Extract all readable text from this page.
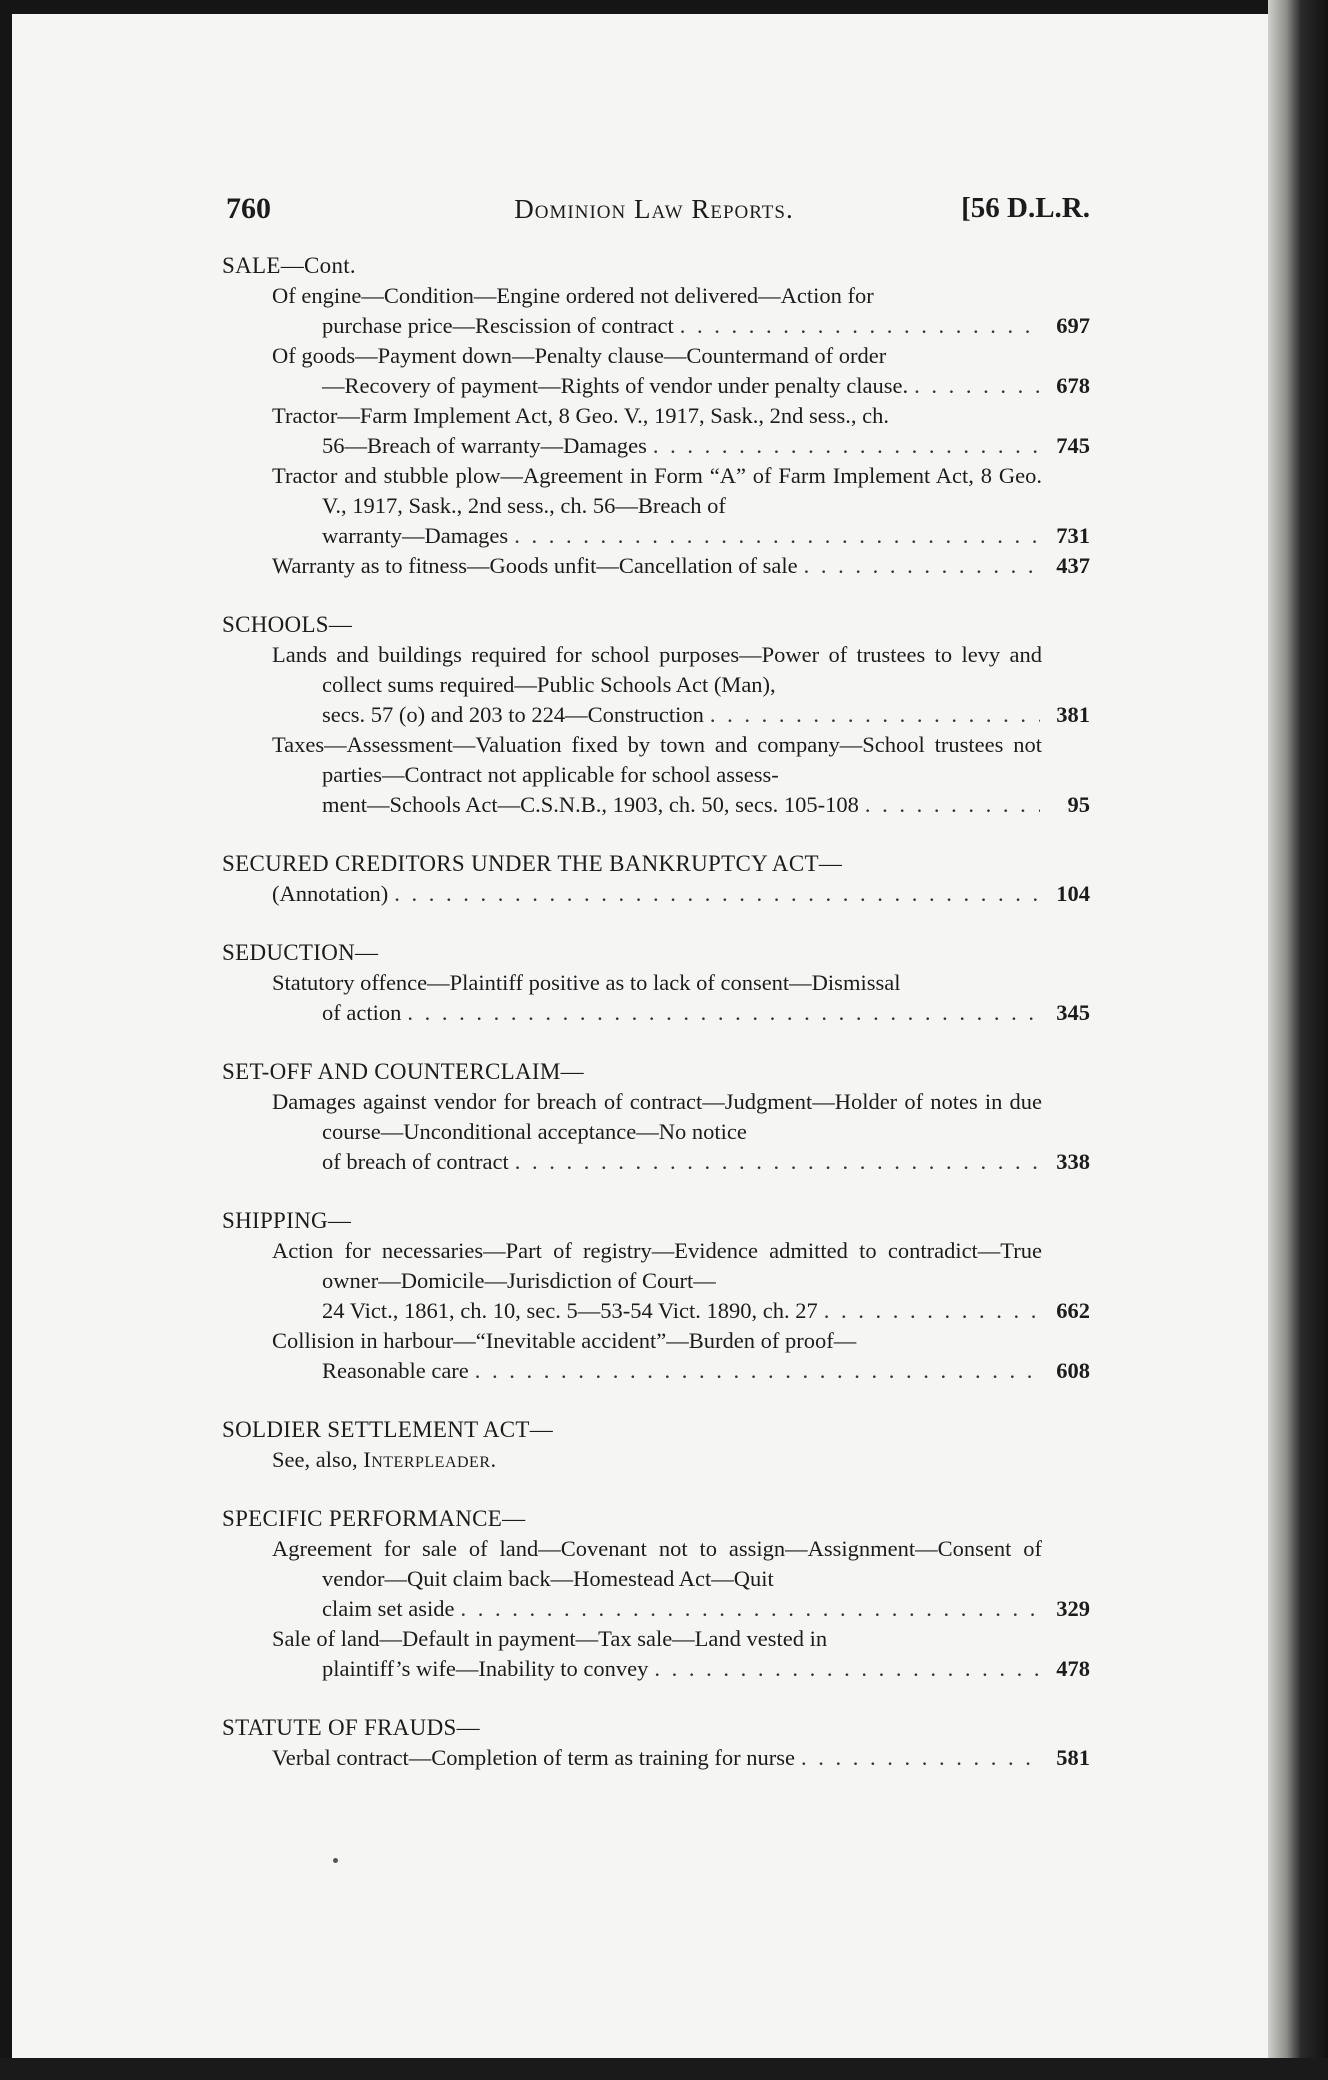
760	Dominion Law Reports.	[56 D.L.R.
SALE—Cont.
Of engine—Condition—Engine ordered not delivered—Action for
purchase price—Rescission of contract . . .	697
Of goods—Payment down—Penalty clause—Countermand of order
—Recovery of payment—Rights of vendor under penalty clause. . . .	678
Tractor—Farm Implement Act, 8 Geo. V., 1917, Sask., 2nd sess., ch.
56—Breach of warranty—Damages . . .	745
Tractor and stubble plow—Agreement in Form “A” of Farm Implement Act, 8 Geo. V., 1917, Sask., 2nd sess., ch. 56—Breach of
warranty—Damages . . .	731
Warranty as to fitness—Goods unfit—Cancellation of sale . . .	437
SCHOOLS—
Lands and buildings required for school purposes—Power of trustees to levy and collect sums required—Public Schools Act (Man),
secs. 57 (o) and 203 to 224—Construction . . .	381
Taxes—Assessment—Valuation fixed by town and company—School trustees not parties—Contract not applicable for school assess-
ment—Schools Act—C.S.N.B., 1903, ch. 50, secs. 105-108 . . .	95
SECURED CREDITORS UNDER THE BANKRUPTCY ACT—
(Annotation) . . .	104
SEDUCTION—
Statutory offence—Plaintiff positive as to lack of consent—Dismissal
of action . . .	345
SET-OFF AND COUNTERCLAIM—
Damages against vendor for breach of contract—Judgment—Holder of notes in due course—Unconditional acceptance—No notice
of breach of contract . . .	338
SHIPPING—
Action for necessaries—Part of registry—Evidence admitted to contradict—True owner—Domicile—Jurisdiction of Court—
24 Vict., 1861, ch. 10, sec. 5—53-54 Vict. 1890, ch. 27 . . .	662
Collision in harbour—“Inevitable accident”—Burden of proof—
Reasonable care . . .	608
SOLDIER SETTLEMENT ACT—
See, also, Interpleader.
SPECIFIC PERFORMANCE—
Agreement for sale of land—Covenant not to assign—Assignment—Consent of vendor—Quit claim back—Homestead Act—Quit
claim set aside . . .	329
Sale of land—Default in payment—Tax sale—Land vested in
plaintiff’s wife—Inability to convey . . .	478
STATUTE OF FRAUDS—
Verbal contract—Completion of term as training for nurse . . .	581
